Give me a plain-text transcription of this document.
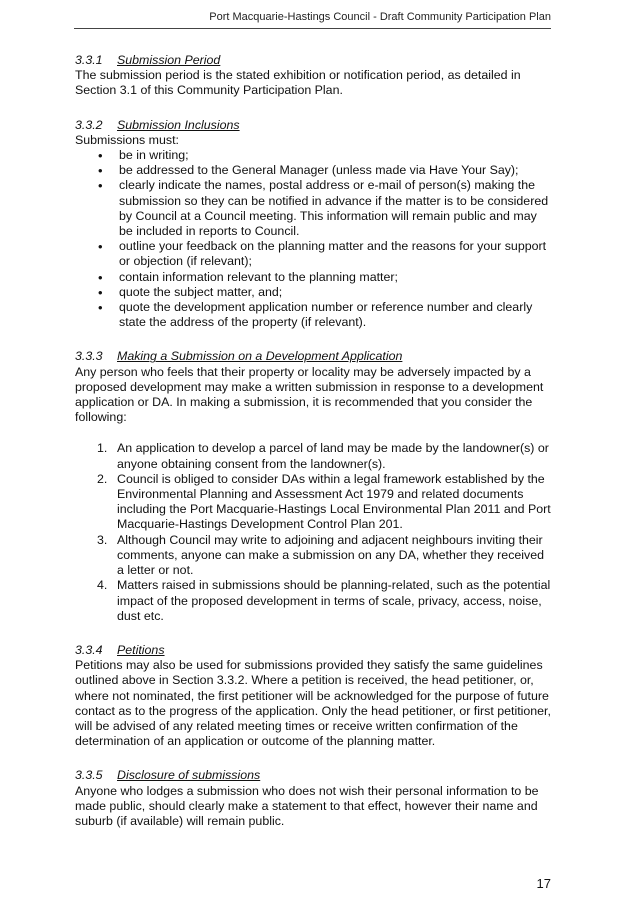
Port Macquarie-Hastings Council - Draft Community Participation Plan

3.3.1 Submission Period

The submission period is the stated exhibition or notification period, as detailed in Section 3.1 of this Community Participation Plan.

3.3.2 Submission Inclusions

Submissions must:

• be in writing;
• be addressed to the General Manager (unless made via Have Your Say);
• clearly indicate the names, postal address or e-mail of person(s) making the submission so they can be notified in advance if the matter is to be considered by Council at a Council meeting. This information will remain public and may be included in reports to Council.
• outline your feedback on the planning matter and the reasons for your support or objection (if relevant);
• contain information relevant to the planning matter;
• quote the subject matter, and;
• quote the development application number or reference number and clearly state the address of the property (if relevant).

3.3.3 Making a Submission on a Development Application

Any person who feels that their property or locality may be adversely impacted by a proposed development may make a written submission in response to a development application or DA. In making a submission, it is recommended that you consider the following:

1. An application to develop a parcel of land may be made by the landowner(s) or anyone obtaining consent from the landowner(s).
2. Council is obliged to consider DAs within a legal framework established by the Environmental Planning and Assessment Act 1979 and related documents including the Port Macquarie-Hastings Local Environmental Plan 2011 and Port Macquarie-Hastings Development Control Plan 201.
3. Although Council may write to adjoining and adjacent neighbours inviting their comments, anyone can make a submission on any DA, whether they received a letter or not.
4. Matters raised in submissions should be planning-related, such as the potential impact of the proposed development in terms of scale, privacy, access, noise, dust etc.

3.3.4 Petitions

Petitions may also be used for submissions provided they satisfy the same guidelines outlined above in Section 3.3.2. Where a petition is received, the head petitioner, or, where not nominated, the first petitioner will be acknowledged for the purpose of future contact as to the progress of the application. Only the head petitioner, or first petitioner, will be advised of any related meeting times or receive written confirmation of the determination of an application or outcome of the planning matter.

3.3.5 Disclosure of submissions

Anyone who lodges a submission who does not wish their personal information to be made public, should clearly make a statement to that effect, however their name and suburb (if available) will remain public.

17
